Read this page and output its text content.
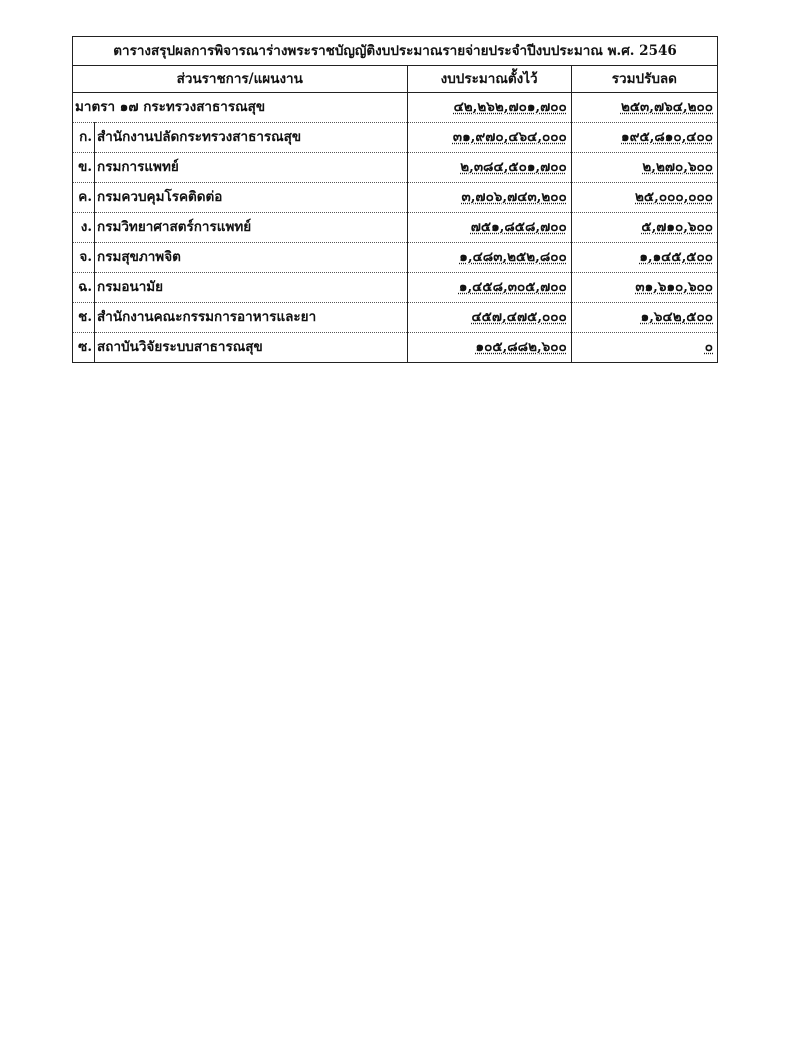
ตารางสรุปผลการพิจารณาร่างพระราชบัญญัติงบประมาณรายจ่ายประจำปีงบประมาณ พ.ศ. 2546			
ส่วนราชการ/แผนงาน		งบประมาณตั้งไว้	รวมปรับลด
มาตรา ๑๗ กระทรวงสาธารณสุข		๔๒,๒๖๒,๗๐๑,๗๐๐	๒๕๓,๗๖๔,๒๐๐
ก.	สำนักงานปลัดกระทรวงสาธารณสุข	๓๑,๙๗๐,๔๖๔,๐๐๐	๑๙๕,๘๑๐,๔๐๐
ข.	กรมการแพทย์	๒,๓๘๔,๕๐๑,๗๐๐	๒,๒๗๐,๖๐๐
ค.	กรมควบคุมโรคติดต่อ	๓,๗๐๖,๗๔๓,๒๐๐	๒๕,๐๐๐,๐๐๐
ง.	กรมวิทยาศาสตร์การแพทย์	๗๕๑,๘๕๘,๗๐๐	๕,๗๑๐,๖๐๐
จ.	กรมสุขภาพจิต	๑,๔๘๓,๒๕๒,๘๐๐	๑,๑๔๕,๕๐๐
ฉ.	กรมอนามัย	๑,๔๕๘,๓๐๕,๗๐๐	๓๑,๖๑๐,๖๐๐
ช.	สำนักงานคณะกรรมการอาหารและยา	๔๕๗,๔๗๕,๐๐๐	๑,๖๔๒,๕๐๐
ซ.	สถาบันวิจัยระบบสาธารณสุข	๑๐๕,๘๘๒,๖๐๐	๐
